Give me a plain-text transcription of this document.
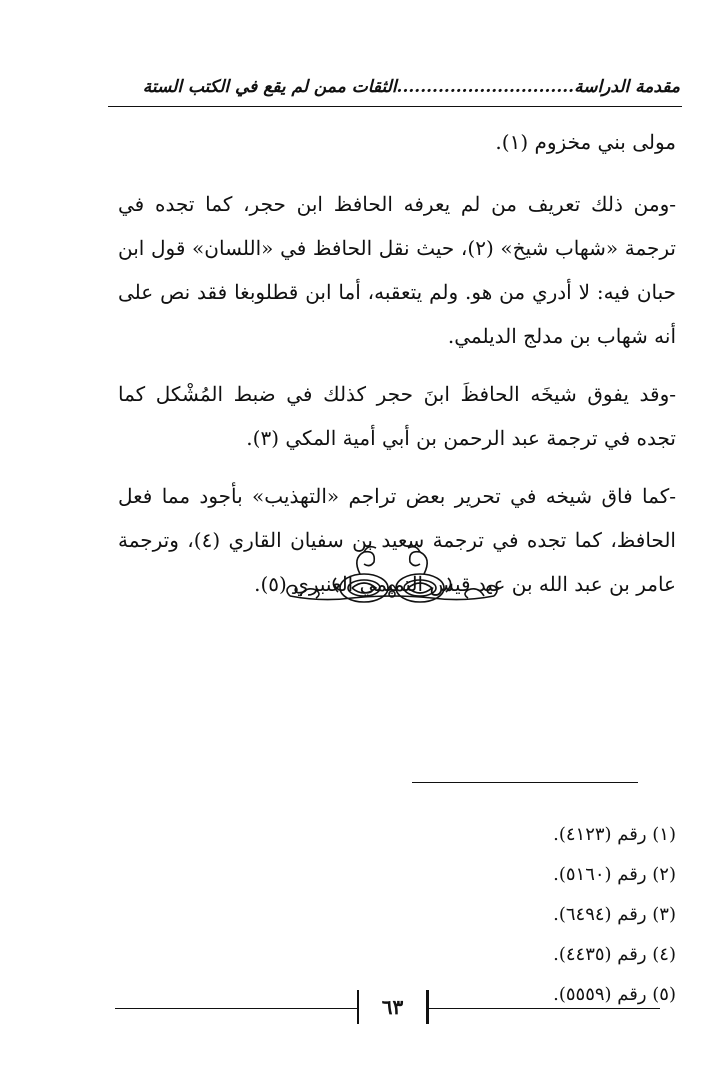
مقدمة الدراسة..............................الثقات ممن لم يقع في الكتب الستة

مولى بني مخزوم (١).

-ومن ذلك تعريف من لم يعرفه الحافظ ابن حجر، كما تجده في ترجمة «شهاب شيخ» (٢)، حيث نقل الحافظ في «اللسان» قول ابن حبان فيه: لا أدري من هو. ولم يتعقبه، أما ابن قطلوبغا فقد نص على أنه شهاب بن مدلج الديلمي.

-وقد يفوق شيخَه الحافظَ ابنَ حجر كذلك في ضبط المُشْكل كما تجده في ترجمة عبد الرحمن بن أبي أمية المكي (٣).

-كما فاق شيخه في تحرير بعض تراجم «التهذيب» بأجود مما فعل الحافظ، كما تجده في ترجمة سعيد بن سفيان القاري (٤)، وترجمة عامر بن عبد الله بن عبد قيس التميمي العنبري (٥).

(١) رقم (٤١٢٣).
(٢) رقم (٥١٦٠).
(٣) رقم (٦٤٩٤).
(٤) رقم (٤٤٣٥).
(٥) رقم (٥٥٥٩).
٦٣
